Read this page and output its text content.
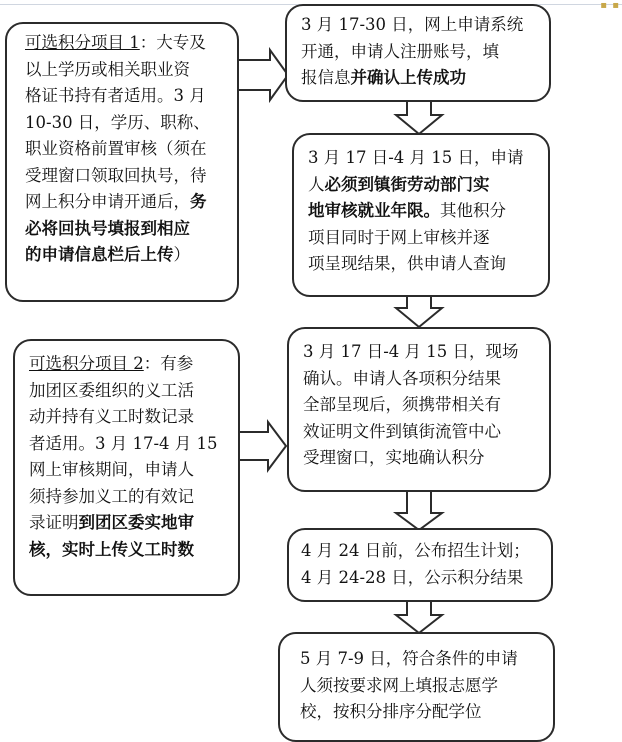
▪ ▪
可选积分项目 1：大专及
以上学历或相关职业资
格证书持有者适用。3 月
10-30 日，学历、职称、
职业资格前置审核（须在
受理窗口领取回执号，待
网上积分申请开通后，务
必将回执号填报到相应
的申请信息栏后上传）
可选积分项目 2：有参
加团区委组织的义工活
动并持有义工时数记录
者适用。3 月 17-4 月 15
网上审核期间，申请人
须持参加义工的有效记
录证明到团区委实地审
核，实时上传义工时数
3 月 17-30 日，网上申请系统
开通，申请人注册账号，填
报信息并确认上传成功
3 月 17 日-4 月 15 日，申请
人必须到镇街劳动部门实
地审核就业年限。其他积分
项目同时于网上审核并逐
项呈现结果，供申请人查询
3 月 17 日-4 月 15 日，现场
确认。申请人各项积分结果
全部呈现后，须携带相关有
效证明文件到镇街流管中心
受理窗口，实地确认积分
4 月 24 日前，公布招生计划；
4 月 24-28 日，公示积分结果
5 月 7-9 日，符合条件的申请
人须按要求网上填报志愿学
校，按积分排序分配学位
